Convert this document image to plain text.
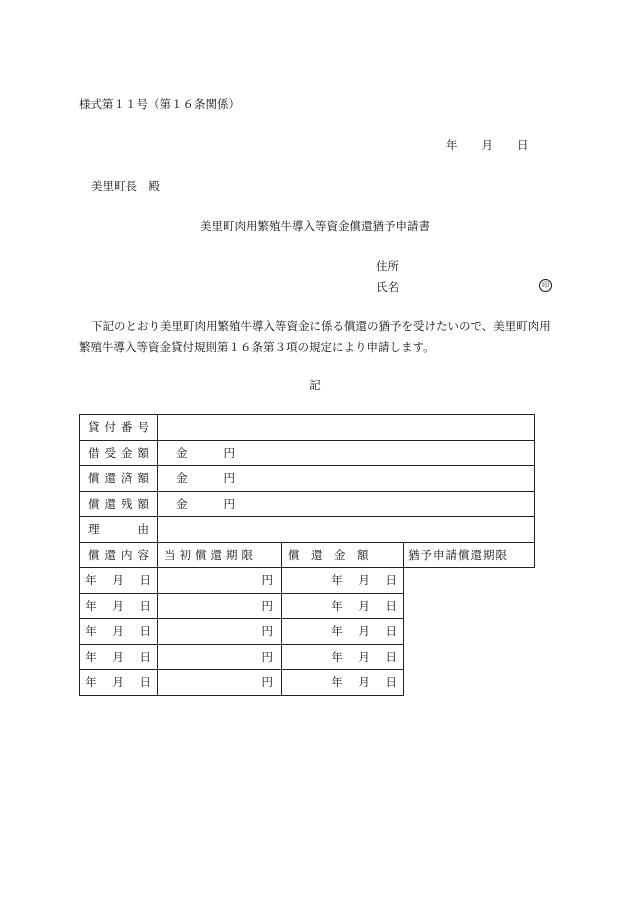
様式第１１号（第１６条関係）
年 月 日
美里町長　殿
美里町肉用繁殖牛導入等資金償還猶予申請書
住所
氏名	印
下記のとおり美里町肉用繁殖牛導入等資金に係る償還の猶予を受けたいので、美里町肉用繁殖牛導入等資金貸付規則第１６条第３項の規定により申請します。
記
貸付番号			
借受金額	金 円		
償還済額	金 円		
償還残額	金 円		

理 由			

償還内容	当初償還期限	償　還　金　額	猶予申請償還期限
年 月 日	円	年 月 日	
年 月 日	円	年 月 日	
年 月 日	円	年 月 日	
年 月 日	円	年 月 日	
年 月 日	円	年 月 日	
